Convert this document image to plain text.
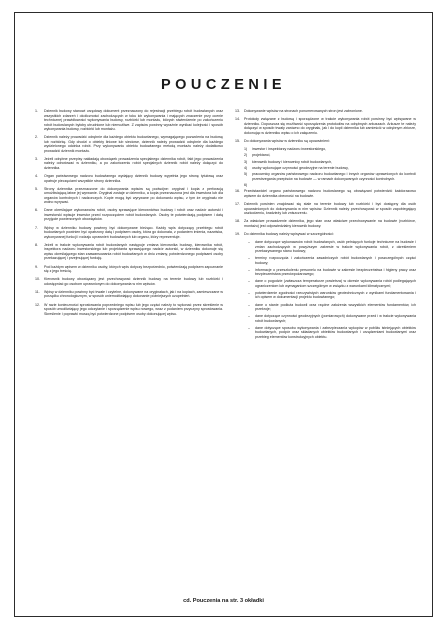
POUCZENIE
1.	Dziennik budowy stanowi urzędowy dokument przeznaczony do rejestracji przebiegu robót budowlanych oraz wszystkich zdarzeń i okoliczności zachodzących w toku ich wykonywania i mających znaczenie przy ocenie technicznej prawidłowości wykonywania budowy, rozbiórki lub montażu, których stwierdzenie po zakończeniu robót budowlanych byłoby utrudnione lub niemożliwe. Z zapisów powinny wyraźnie wynikać kolejność i sposób wykonywania budowy, rozbiórki lub montażu.
2.	Dziennik należy prowadzić odrębnie dla każdego obiektu budowlanego, wymagającego pozwolenia na budowę lub rozbiórkę. Gdy chodzi o obiekty liniowe lub sieciowe, dziennik należy prowadzić odrębnie dla każdego wydzielonego odcinka robót. Przy wykonywaniu obiektu budowlanego metodą montażu należy dodatkowo prowadzić dziennik montażu.
3.	Jeżeli odrębne przepisy nakładają obowiązek prowadzenia specjalnego dziennika robót, fakt jego prowadzenia należy odnotować w dzienniku, a po zakończeniu robót specjalnych dziennik robót należy dołączyć do dziennika.
4.	Organ państwowego nadzoru budowlanego wydający dziennik budowy wypełnia jego stronę tytułową oraz opatruje pieczęciami wszystkie strony dziennika.
5.	Strony dziennika przeznaczone do dokonywania wpisów są podwójne: oryginał i kopia z perforacją umożliwiającą łatwe jej wyrwanie. Oryginał zostaje w dzienniku, a kopia przeznaczona jest dla inwestora lub dla organów kontrolnych i nadzorczych. Kopie mogą być wyrywane po dokonaniu wpisu, z tym że oryginału nie wolno wyrywać.
6.	Dane określające wykonawców robót, osoby sprawujące kierownictwo budowy i robót oraz nadzór autorski i inwestorski wpisuje inwestor przed rozpoczęciem robót budowlanych. Osoby te potwierdzają podpisem i datą przyjęcie powierzonych obowiązków.
7.	Wpisy w dzienniku budowy powinny być dokonywane bieżąco. Każdy wpis dotyczący przebiegu robót budowlanych powinien być opatrzony datą i podpisem osoby, która go dokonała, z podaniem imienia, nazwiska, wykonywanej funkcji i rodzaju uprawnień budowlanych lub organu, który reprezentuje.
8.	Jeżeli w trakcie wykonywania robót budowlanych następuje zmiana kierownika budowy, kierownika robót, inspektora nadzoru inwestorskiego lub projektanta sprawującego nadzór autorski, w dzienniku dokonuje się wpisu określającego stan zaawansowania robót budowlanych w dniu zmiany, potwierdzonego podpisami osoby przekazującej i przejmującej funkcję.
9.	Pod każdym wpisem w dzienniku osoby, których wpis dotyczy bezpośrednio, potwierdzają podpisem zapoznanie się z jego treścią.
10.	Kierownik budowy obowiązany jest przechowywać dziennik budowy na terenie budowy lub rozbiórki i udostępniać go osobom uprawnionym do dokonywania w nim wpisów.
11.	Wpisy w dzienniku powinny być trwałe i czytelne, dokonywane na oryginałach, jak i na kopiach, zamieszczane w porządku chronologicznym, w sposób uniemożliwiający dokonanie późniejszych uzupełnień.
12.	W razie konieczności sprostowania poprzedniego wpisu lub jego części należy to wykonać przez skreślenie w sposób umożliwiający jego odczytanie i sporządzenie wpisu nowego, wraz z podaniem przyczyny sprostowania. Skreślenie i poprawki muszą być potwierdzone podpisem osoby dokonującej wpisu.
13.	Dokonywanie wpisów na stronach ponumerowanych stron jest zabronione.
14.	Protokoły związane z budową i sporządzone w trakcie wykonywania robót powinny być wpisywane w dzienniku. Dopuszcza się możliwość sporządzenia protokołów na odrębnych arkuszach. Arkusze te należy dołączyć w sposób trwały zarówno do oryginału, jak i do kopii dziennika lub zamieścić w odrębnym zbiorze, dokonując w dzienniku wpisu o ich załączeniu.
15.	Do dokonywania wpisów w dzienniku są upoważnieni:
1)	inwestor i inspektorzy nadzoru inwestorskiego,
2)	projektanci,
3)	kierownik budowy i kierownicy robót budowlanych,
4)	osoby wykonujące czynności geodezyjne na terenie budowy,
5)	pracownicy organów państwowego nadzoru budowlanego i innych organów uprawnionych do kontroli przestrzegania przepisów na budowie — w ramach dokonywanych czynności kontrolnych.
6)
16.	Przedstawiciel organu państwowego nadzoru budowlanego są obowiązani potwierdzić każdorazowo wpisem do dziennika obecność na budowie.
17.	Dziennik powinien znajdować się stale na terenie budowy lub rozbiórki i być dostępny dla osób upoważnionych do dokonywania w nim wpisów. Dziennik należy przechowywać w sposób zapobiegający uszkodzeniu, kradzieży lub zniszczeniu.
18.	Za właściwe prowadzenie dziennika, jego stan oraz właściwe przechowywanie na budowie (rozbiórce, montażu) jest odpowiedzialny kierownik budowy.
19.	Do dziennika budowy należy wpisywać w szczególności:
–	dane dotyczące wykonawców robót budowlanych, osób pełniących funkcje techniczne na budowie i zmian zachodzących w powyższym zakresie w trakcie wykonywania robót, z określeniem przekazywanego stanu budowy;
–	terminy rozpoczęcia i zakończenia zasadniczych robót budowlanych i poszczególnych części budowy;
–	informacje o przeszkoleniu personelu na budowie w zakresie bezpieczeństwa i higieny pracy oraz bezpieczeństwa przeciwpożarowego;
–	dane o pogodzie (zwłaszcza temperaturze powietrza) w okresie wykonywania robót podlegających ograniczeniom lub wymaganiom szczególnym w związku z warunkami klimatycznymi;
–	potwierdzenie zgodności rzeczywistych warunków geotechnicznych z wynikami fundamentowania i ich opisem w dokumentacji projektu budowlanego;
–	dane o stanie podłoża budowli oraz rzędne założenia wszystkich elementów fundamentów, ich przekroje;
–	dane dotyczące czynności geodezyjnych (pomiarowych) dokonywane przed i w trakcie wykonywania robót budowlanych;
–	dane dotyczące sposobu wykonywania i zabezpieczania wykopów w pobliżu istniejących obiektów budowlanych, podpór oraz składanych obiektów budowlanych i urządzeniami budowlanymi oraz przebieg elementów konstrukcyjnych obiektu.
cd. Pouczenia na str. 3 okładki
